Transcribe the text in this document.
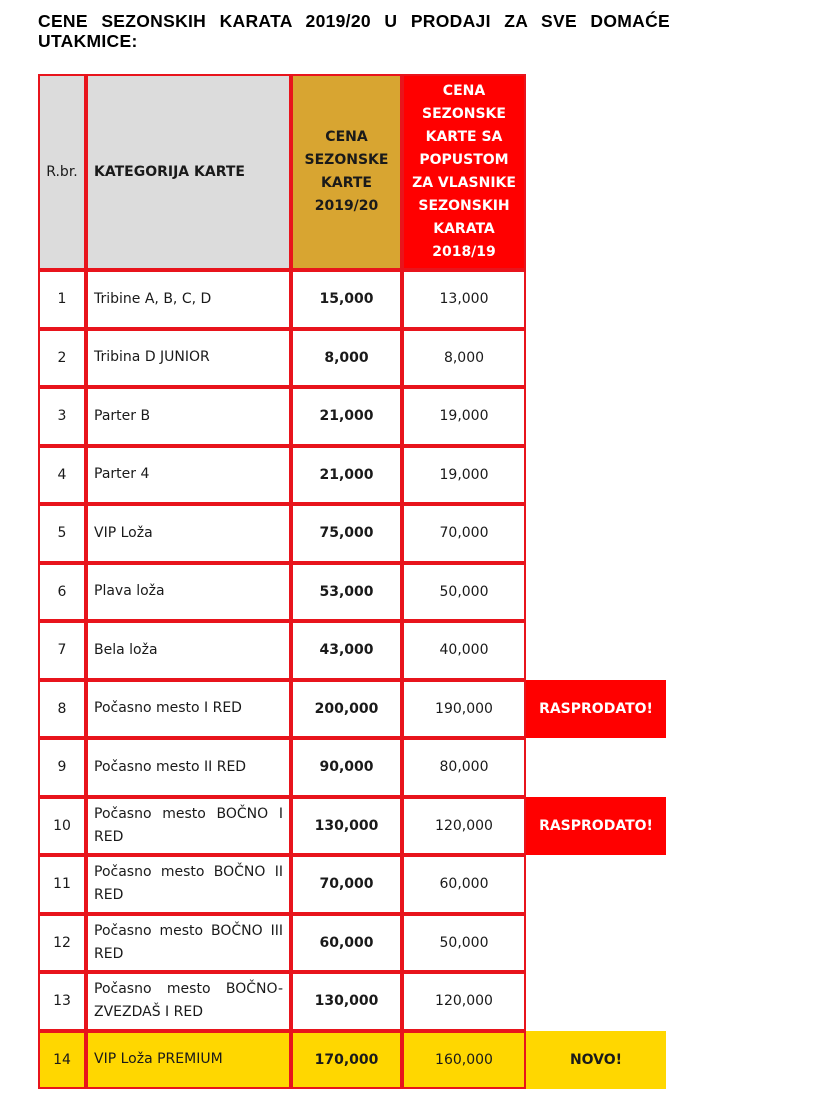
CENE SEZONSKIH KARATA 2019/20 U PRODAJI ZA SVE DOMAĆE UTAKMICE:
R.br.	KATEGORIJA KARTE	CENA SEZONSKE KARTE 2019/20	CENA SEZONSKE KARTE SA POPUSTOM ZA VLASNIKE SEZONSKIH KARATA 2018/19	
1	Tribine A, B, C, D	15,000	13,000	
2	Tribina D JUNIOR	8,000	8,000	
3	Parter B	21,000	19,000	
4	Parter 4	21,000	19,000	
5	VIP Loža	75,000	70,000	
6	Plava loža	53,000	50,000	
7	Bela loža	43,000	40,000	
8	Počasno mesto I RED	200,000	190,000	RASPRODATO!

9	Počasno mesto II RED	90,000	80,000	
10	Počasno mesto BOČNO I RED	130,000	120,000	RASPRODATO!

11	Počasno mesto BOČNO II RED	70,000	60,000	
12	Počasno mesto BOČNO III RED	60,000	50,000	
13	Počasno mesto BOČNO-ZVEZDAŠ I RED	130,000	120,000	
14	VIP Loža PREMIUM	170,000	160,000	NOVO!
